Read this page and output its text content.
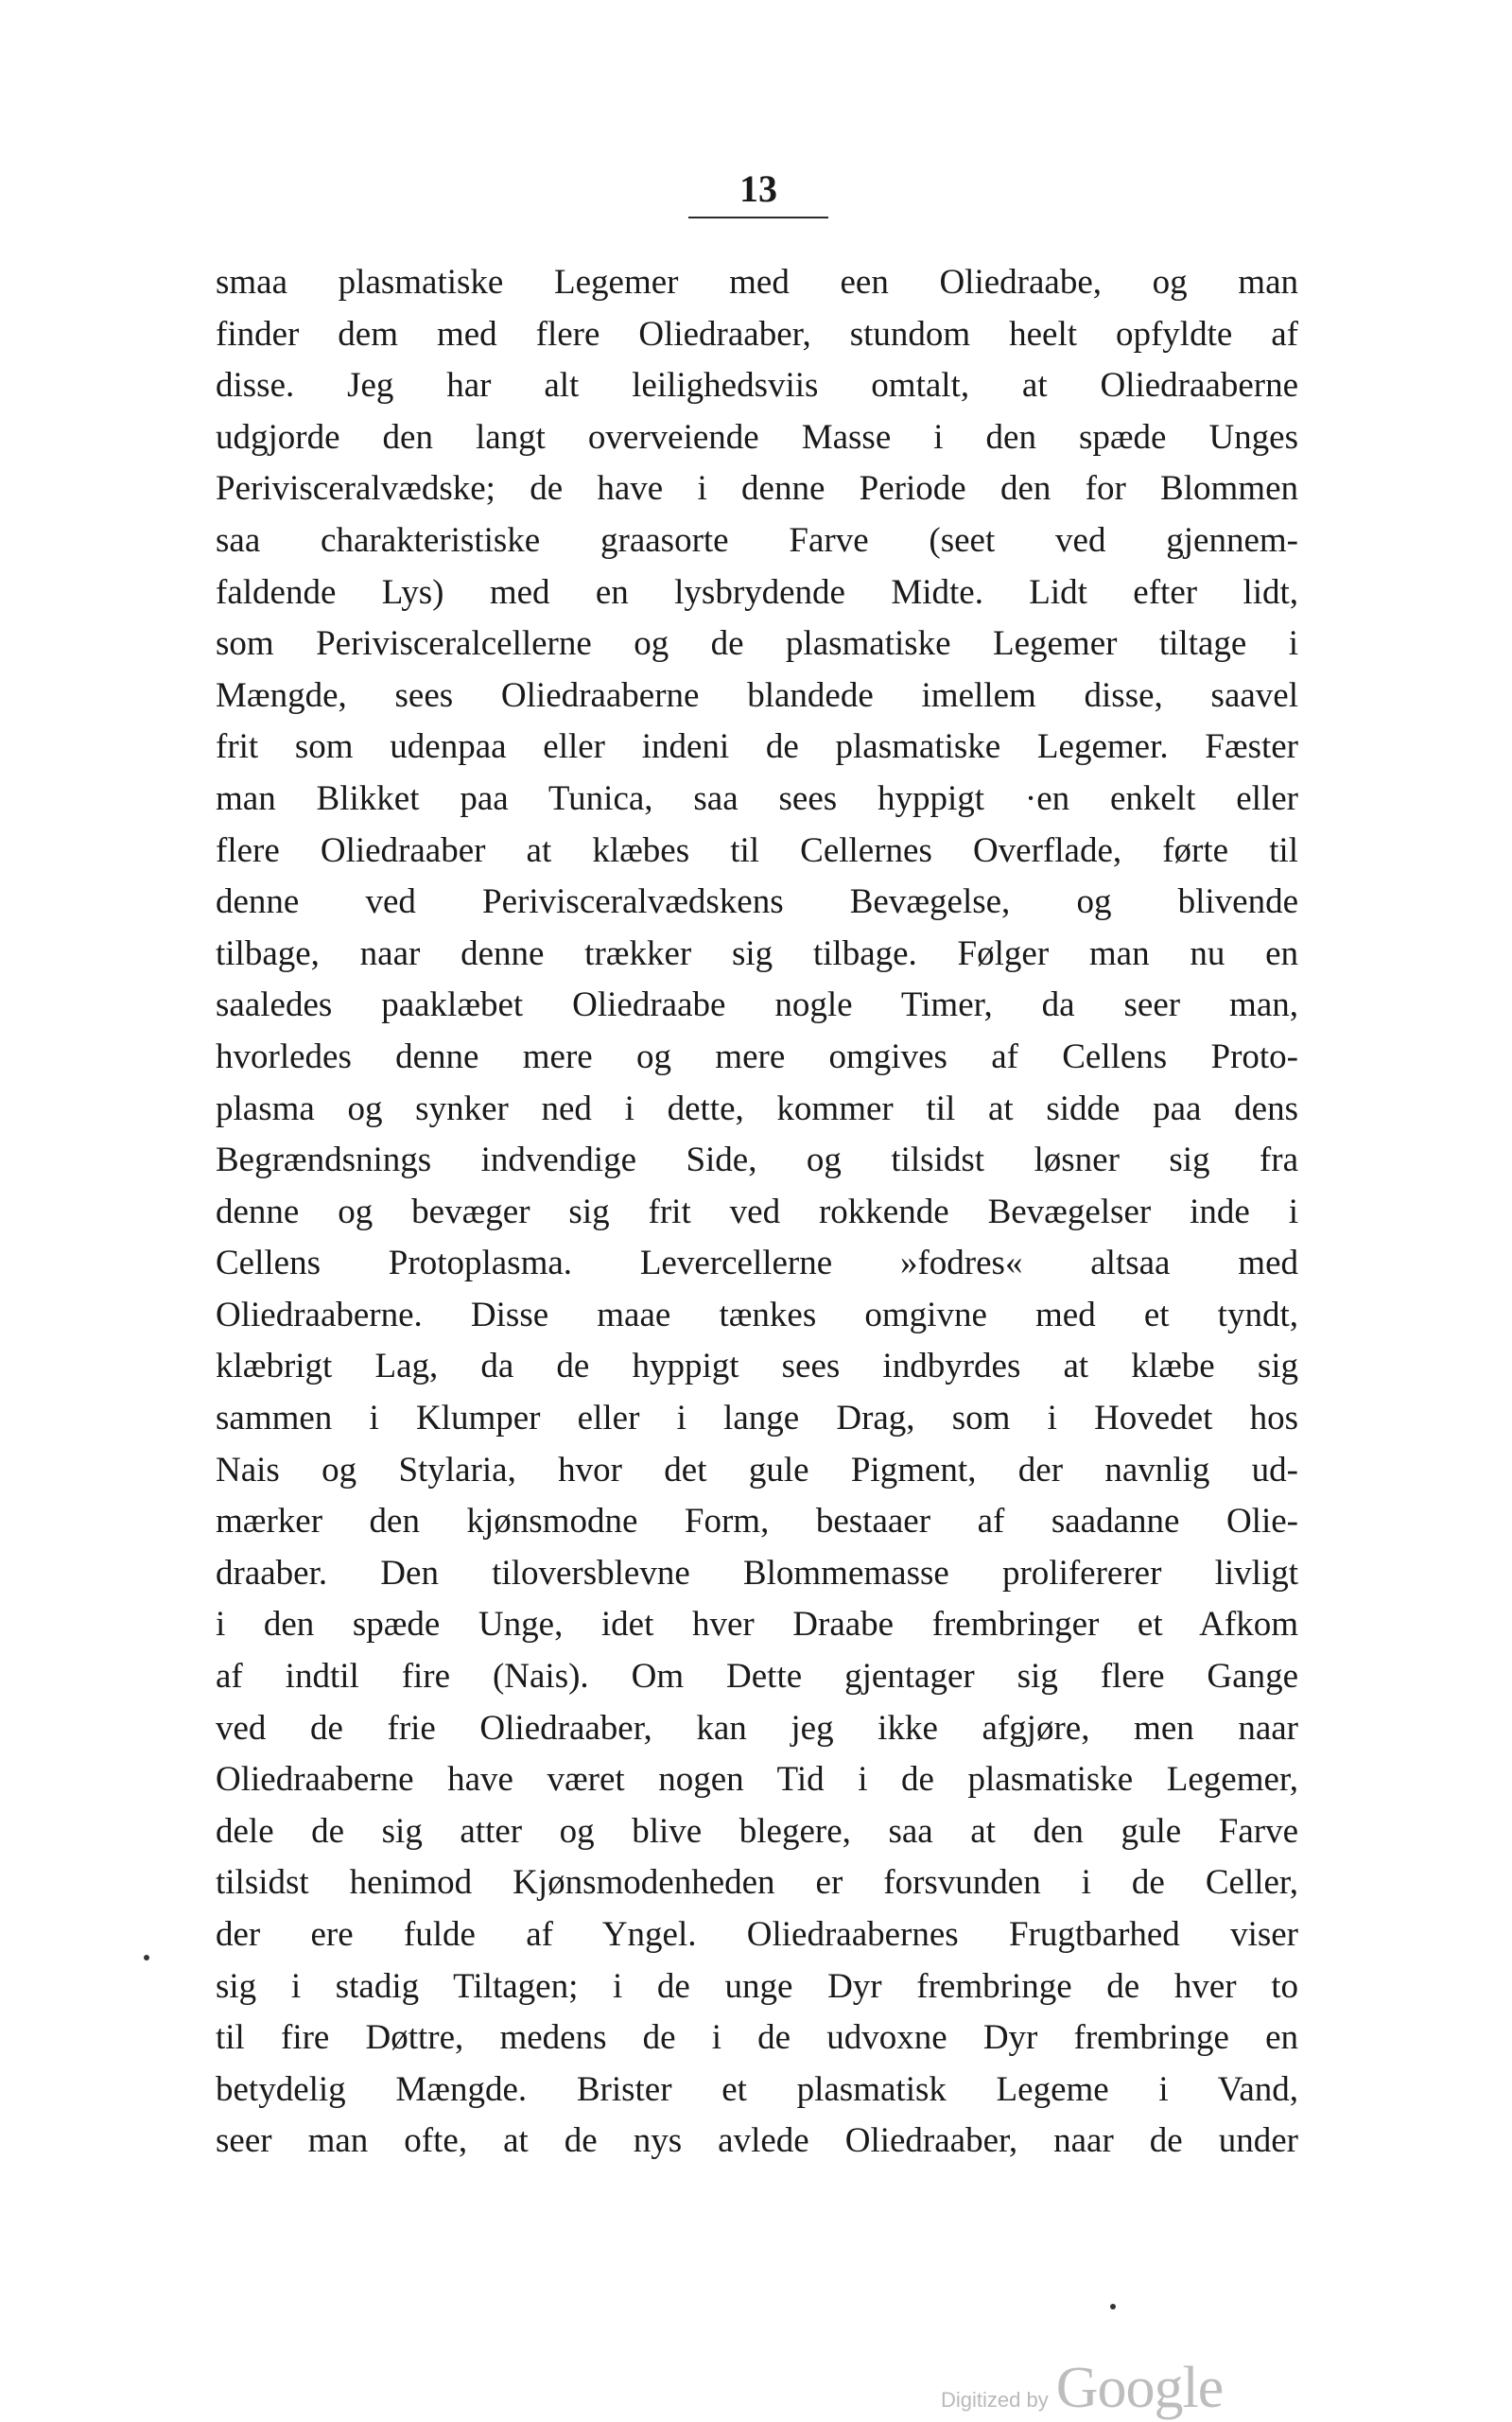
13
smaa plasmatiske Legemer med een Oliedraabe, og man
finder dem med flere Oliedraaber, stundom heelt opfyldte af
disse. Jeg har alt leilighedsviis omtalt, at Oliedraaberne
udgjorde den langt overveiende Masse i den spæde Unges
Perivisceralvædske; de have i denne Periode den for Blommen
saa charakteristiske graasorte Farve (seet ved gjennem-
faldende Lys) med en lysbrydende Midte. Lidt efter lidt,
som Perivisceralcellerne og de plasmatiske Legemer tiltage i
Mængde, sees Oliedraaberne blandede imellem disse, saavel
frit som udenpaa eller indeni de plasmatiske Legemer. Fæster
man Blikket paa Tunica, saa sees hyppigt ·en enkelt eller
flere Oliedraaber at klæbes til Cellernes Overflade, førte til
denne ved Perivisceralvædskens Bevægelse, og blivende
tilbage, naar denne trækker sig tilbage. Følger man nu en
saaledes paaklæbet Oliedraabe nogle Timer, da seer man,
hvorledes denne mere og mere omgives af Cellens Proto-
plasma og synker ned i dette, kommer til at sidde paa dens
Begrændsnings indvendige Side, og tilsidst løsner sig fra
denne og bevæger sig frit ved rokkende Bevægelser inde i
Cellens Protoplasma. Levercellerne »fodres« altsaa med
Oliedraaberne. Disse maae tænkes omgivne med et tyndt,
klæbrigt Lag, da de hyppigt sees indbyrdes at klæbe sig
sammen i Klumper eller i lange Drag, som i Hovedet hos
Nais og Stylaria, hvor det gule Pigment, der navnlig ud-
mærker den kjønsmodne Form, bestaaer af saadanne Olie-
draaber. Den tiloversblevne Blommemasse prolifererer livligt
i den spæde Unge, idet hver Draabe frembringer et Afkom
af indtil fire (Nais). Om Dette gjentager sig flere Gange
ved de frie Oliedraaber, kan jeg ikke afgjøre, men naar
Oliedraaberne have været nogen Tid i de plasmatiske Legemer,
dele de sig atter og blive blegere, saa at den gule Farve
tilsidst henimod Kjønsmodenheden er forsvunden i de Celler,
der ere fulde af Yngel. Oliedraabernes Frugtbarhed viser
sig i stadig Tiltagen; i de unge Dyr frembringe de hver to
til fire Døttre, medens de i de udvoxne Dyr frembringe en
betydelig Mængde. Brister et plasmatisk Legeme i Vand,
seer man ofte, at de nys avlede Oliedraaber, naar de under
Digitized by Google
